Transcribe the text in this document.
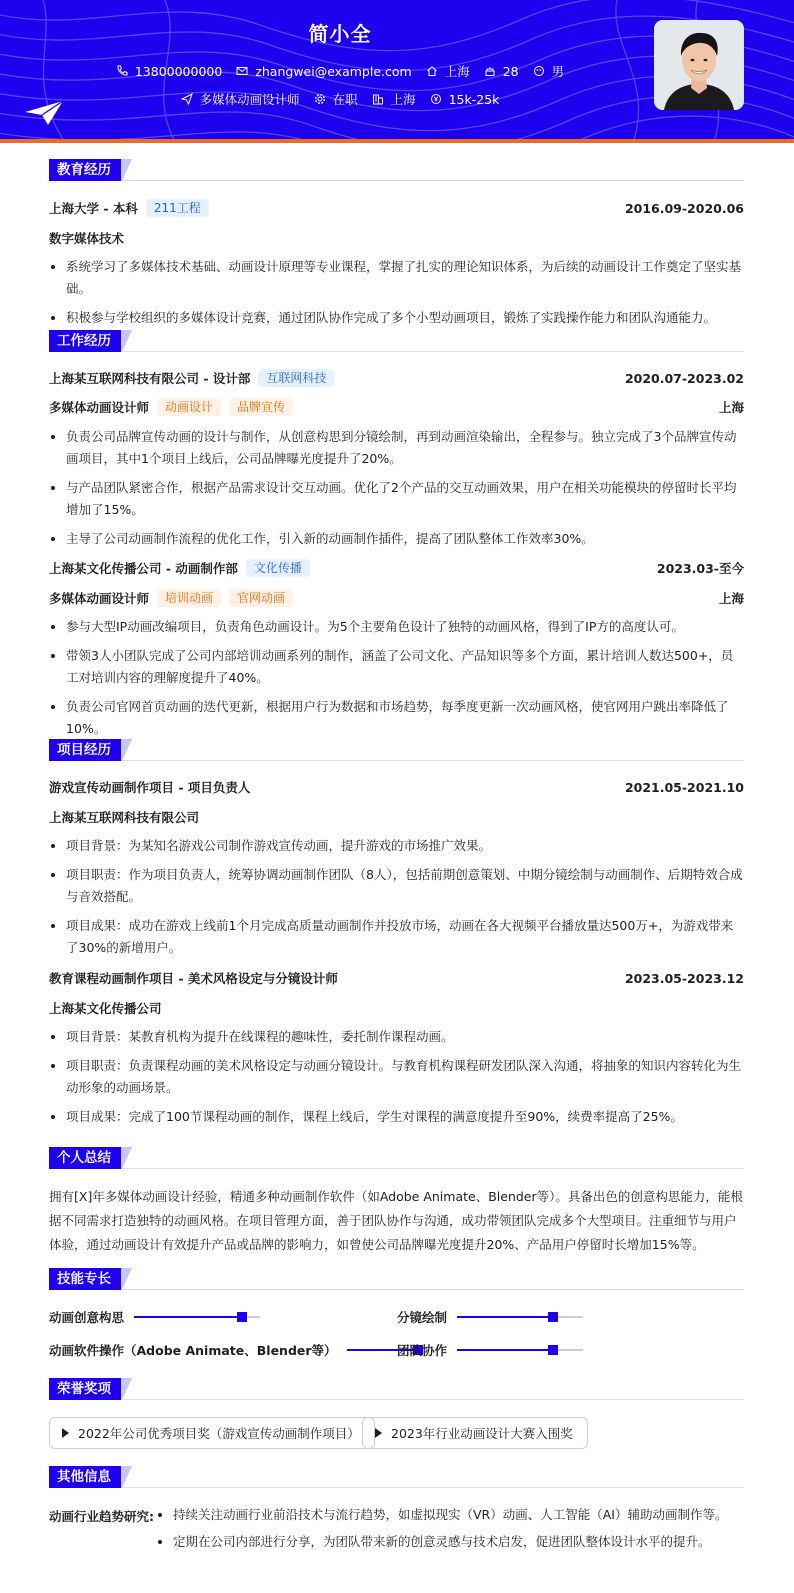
简小全
13800000000	zhangwei@example.com	上海	28	男
多媒体动画设计师	在职	上海	15k-25k
教育经历
上海大学 - 本科	211工程	2016.09-2020.06
数字媒体技术
系统学习了多媒体技术基础、动画设计原理等专业课程，掌握了扎实的理论知识体系，为后续的动画设计工作奠定了坚实基础。
积极参与学校组织的多媒体设计竞赛，通过团队协作完成了多个小型动画项目，锻炼了实践操作能力和团队沟通能力。
工作经历
上海某互联网科技有限公司 - 设计部	互联网科技	2020.07-2023.02
多媒体动画设计师	动画设计	品牌宣传	上海
负责公司品牌宣传动画的设计与制作，从创意构思到分镜绘制，再到动画渲染输出，全程参与。独立完成了3个品牌宣传动画项目，其中1个项目上线后，公司品牌曝光度提升了20%。
与产品团队紧密合作，根据产品需求设计交互动画。优化了2个产品的交互动画效果，用户在相关功能模块的停留时长平均增加了15%。
主导了公司动画制作流程的优化工作，引入新的动画制作插件，提高了团队整体工作效率30%。
上海某文化传播公司 - 动画制作部	文化传播	2023.03-至今
多媒体动画设计师	培训动画	官网动画	上海
参与大型IP动画改编项目，负责角色动画设计。为5个主要角色设计了独特的动画风格，得到了IP方的高度认可。
带领3人小团队完成了公司内部培训动画系列的制作，涵盖了公司文化、产品知识等多个方面，累计培训人数达500+，员工对培训内容的理解度提升了40%。
负责公司官网首页动画的迭代更新，根据用户行为数据和市场趋势，每季度更新一次动画风格，使官网用户跳出率降低了10%。
项目经历
游戏宣传动画制作项目 - 项目负责人	2021.05-2021.10
上海某互联网科技有限公司
项目背景：为某知名游戏公司制作游戏宣传动画，提升游戏的市场推广效果。
项目职责：作为项目负责人，统筹协调动画制作团队（8人），包括前期创意策划、中期分镜绘制与动画制作、后期特效合成与音效搭配。
项目成果：成功在游戏上线前1个月完成高质量动画制作并投放市场，动画在各大视频平台播放量达500万+，为游戏带来了30%的新增用户。
教育课程动画制作项目 - 美术风格设定与分镜设计师	2023.05-2023.12
上海某文化传播公司
项目背景：某教育机构为提升在线课程的趣味性，委托制作课程动画。
项目职责：负责课程动画的美术风格设定与动画分镜设计。与教育机构课程研发团队深入沟通，将抽象的知识内容转化为生动形象的动画场景。
项目成果：完成了100节课程动画的制作，课程上线后，学生对课程的满意度提升至90%，续费率提高了25%。
个人总结
拥有[X]年多媒体动画设计经验，精通多种动画制作软件（如Adobe Animate、Blender等）。具备出色的创意构思能力，能根据不同需求打造独特的动画风格。在项目管理方面，善于团队协作与沟通，成功带领团队完成多个大型项目。注重细节与用户体验，通过动画设计有效提升产品或品牌的影响力，如曾使公司品牌曝光度提升20%、产品用户停留时长增加15%等。
技能专长
动画创意构思	分镜绘制
动画软件操作（Adobe Animate、Blender等）	团队协作
荣誉奖项
2022年公司优秀项目奖（游戏宣传动画制作项目） 2023年行业动画设计大赛入围奖
其他信息
动画行业趋势研究:	持续关注动画行业前沿技术与流行趋势，如虚拟现实（VR）动画、人工智能（AI）辅助动画制作等。
定期在公司内部进行分享，为团队带来新的创意灵感与技术启发，促进团队整体设计水平的提升。
